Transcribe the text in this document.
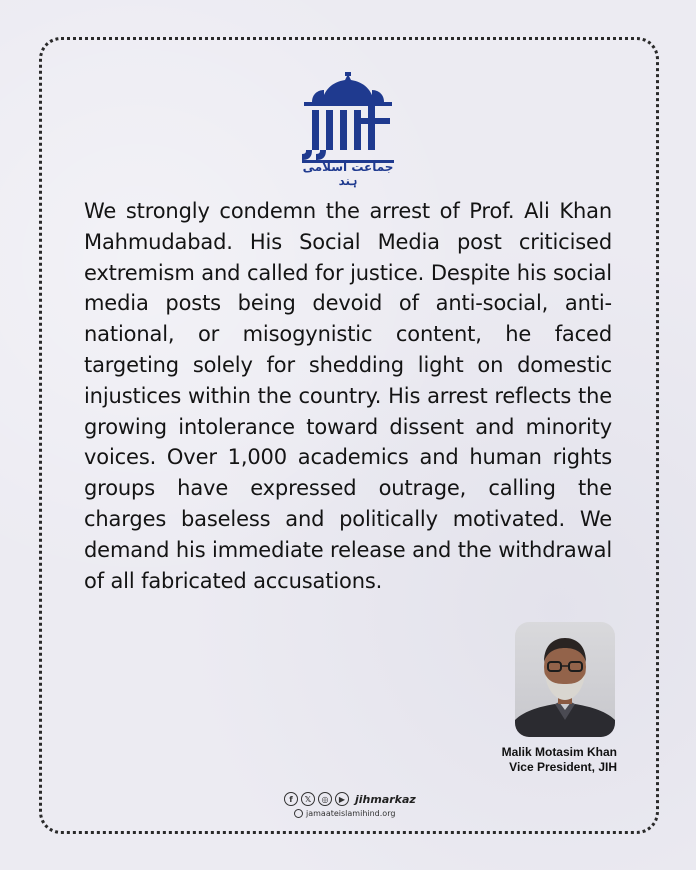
جماعت اسلامی ہند

We strongly condemn the arrest of Prof. Ali Khan Mahmudabad. His Social Media post criticised extremism and called for justice. Despite his social media posts being devoid of anti-social, anti-national, or misogynistic content, he faced targeting solely for shedding light on domestic injustices within the country. His arrest reflects the growing intolerance toward dissent and minority voices. Over 1,000 academics and human rights groups have expressed outrage, calling the charges baseless and politically motivated. We demand his immediate release and the withdrawal of all fabricated accusations.

Malik Motasim Khan
Vice President, JIH
f	𝕏	◎	▶ jihmarkaz
jamaateislamihind.org
